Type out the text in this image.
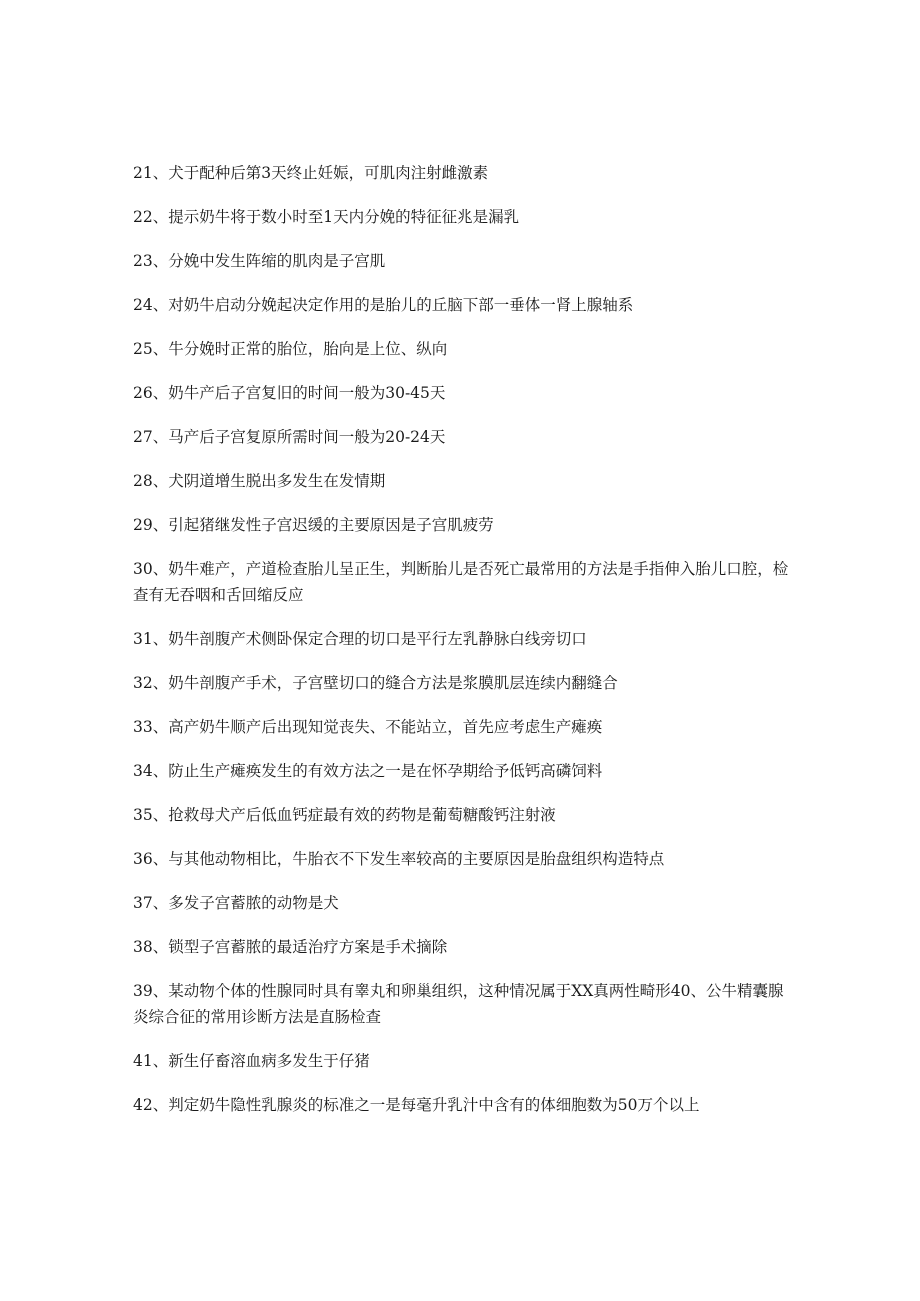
21、犬于配种后第3天终止妊娠，可肌肉注射雌激素
22、提示奶牛将于数小时至1天内分娩的特征征兆是漏乳
23、分娩中发生阵缩的肌肉是子宫肌
24、对奶牛启动分娩起决定作用的是胎儿的丘脑下部一垂体一肾上腺轴系
25、牛分娩时正常的胎位，胎向是上位、纵向
26、奶牛产后子宫复旧的时间一般为30-45天
27、马产后子宫复原所需时间一般为20-24天
28、犬阴道增生脱出多发生在发情期
29、引起猪继发性子宫迟缓的主要原因是子宫肌疲劳
30、奶牛难产，产道检查胎儿呈正生，判断胎儿是否死亡最常用的方法是手指伸入胎儿口腔，检查有无吞咽和舌回缩反应
31、奶牛剖腹产术侧卧保定合理的切口是平行左乳静脉白线旁切口
32、奶牛剖腹产手术，子宫壁切口的缝合方法是浆膜肌层连续内翻缝合
33、高产奶牛顺产后出现知觉丧失、不能站立，首先应考虑生产瘫痪
34、防止生产瘫痪发生的有效方法之一是在怀孕期给予低钙高磷饲料
35、抢救母犬产后低血钙症最有效的药物是葡萄糖酸钙注射液
36、与其他动物相比，牛胎衣不下发生率较高的主要原因是胎盘组织构造特点
37、多发子宫蓄脓的动物是犬
38、锁型子宫蓄脓的最适治疗方案是手术摘除
39、某动物个体的性腺同时具有睾丸和卵巢组织，这种情况属于XX真两性畸形40、公牛精囊腺炎综合征的常用诊断方法是直肠检查
41、新生仔畜溶血病多发生于仔猪
42、判定奶牛隐性乳腺炎的标准之一是每毫升乳汁中含有的体细胞数为50万个以上
